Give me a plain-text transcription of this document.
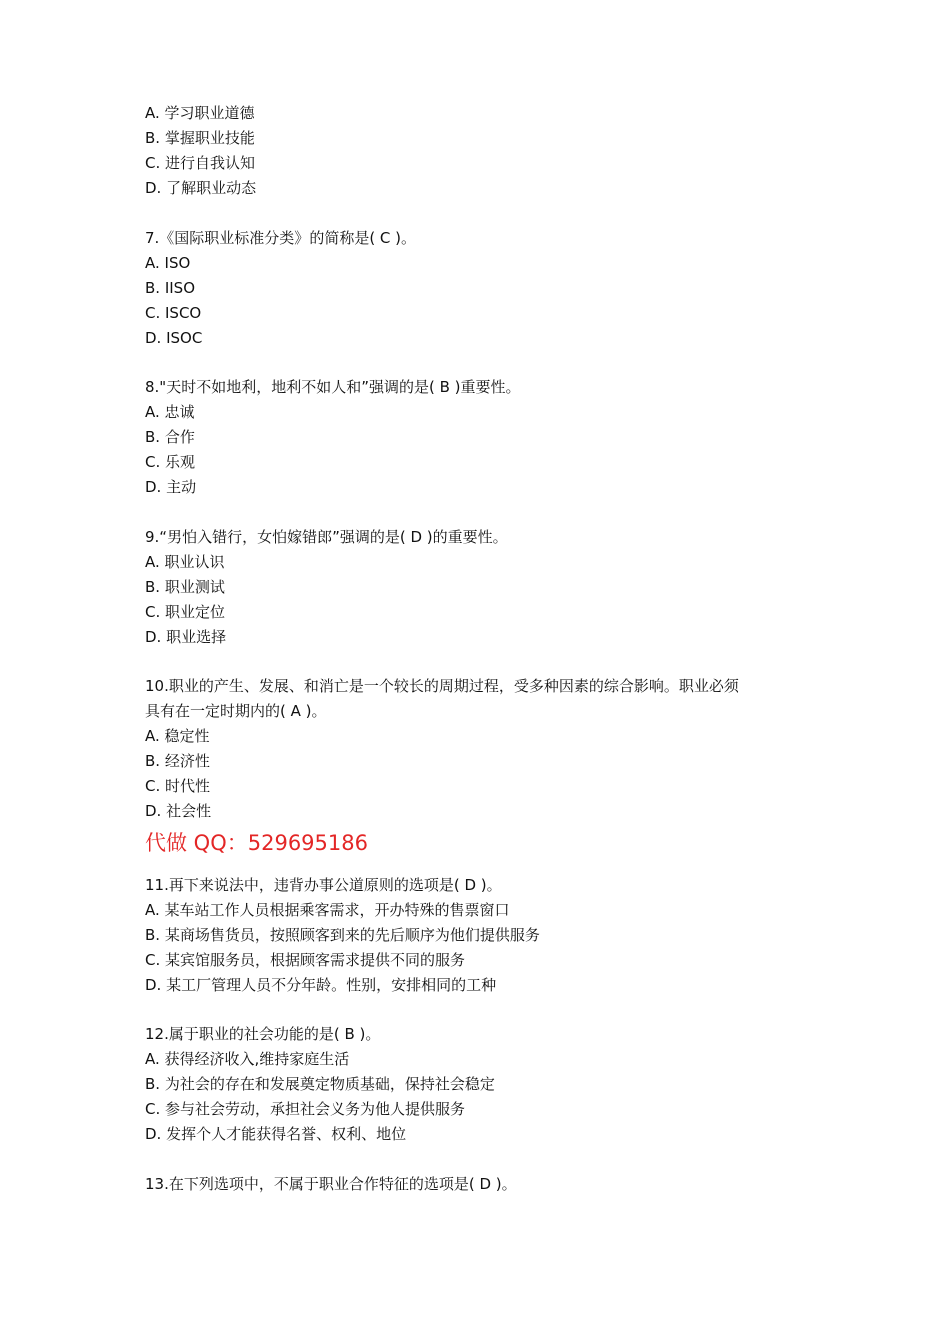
A. 学习职业道德
B. 掌握职业技能
C. 进行自我认知
D. 了解职业动态
7.《国际职业标准分类》的简称是( C )。
A. ISO
B. IISO
C. ISCO
D. ISOC
8."天时不如地利，地利不如人和”强调的是( B )重要性。
A. 忠诚
B. 合作
C. 乐观
D. 主动
9.“男怕入错行，女怕嫁错郎”强调的是( D )的重要性。
A. 职业认识
B. 职业测试
C. 职业定位
D. 职业选择
10.职业的产生、发展、和消亡是一个较长的周期过程，受多种因素的综合影响。职业必须
具有在一定时期内的( A )。
A. 稳定性
B. 经济性
C. 时代性
D. 社会性
代做 QQ：529695186
11.再下来说法中，违背办事公道原则的选项是( D )。
A. 某车站工作人员根据乘客需求，开办特殊的售票窗口
B. 某商场售货员，按照顾客到来的先后顺序为他们提供服务
C. 某宾馆服务员，根据顾客需求提供不同的服务
D. 某工厂管理人员不分年龄。性别，安排相同的工种
12.属于职业的社会功能的是( B )。
A. 获得经济收入,维持家庭生活
B. 为社会的存在和发展奠定物质基础，保持社会稳定
C. 参与社会劳动，承担社会义务为他人提供服务
D. 发挥个人才能获得名誉、权利、地位
13.在下列选项中，不属于职业合作特征的选项是( D )。
